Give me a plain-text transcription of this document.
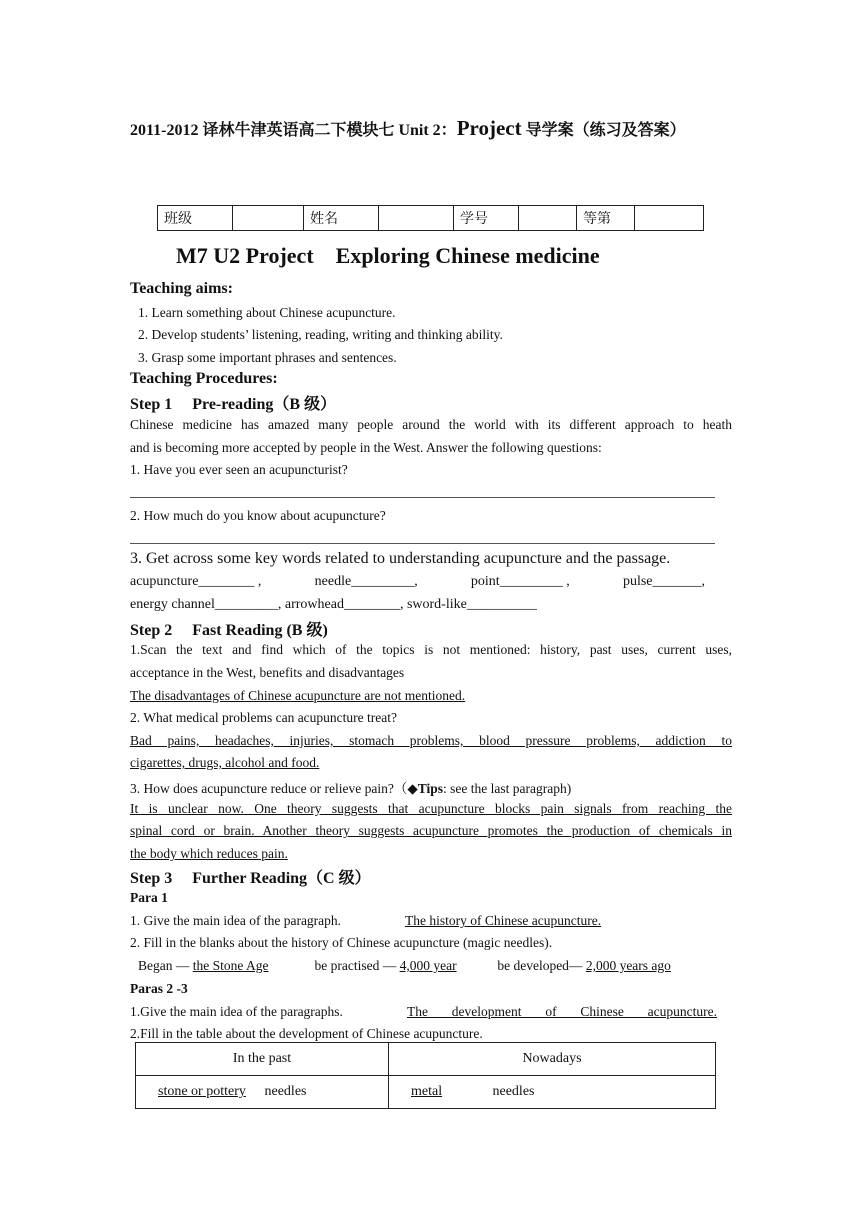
2011-2012 译林牛津英语高二下模块七 Unit 2：Project 导学案（练习及答案）
班级		姓名		学号		等第	
M7 U2 Project　Exploring Chinese medicine
Teaching aims:
1. Learn something about Chinese acupuncture.
2. Develop students’ listening, reading, writing and thinking ability.
3. Grasp some important phrases and sentences.
Teaching Procedures:
Step 1　 Pre-reading（B 级）
Chinese medicine has amazed many people around the world with its different approach to heath
and is becoming more accepted by people in the West. Answer the following questions:
1. Have you ever seen an acupuncturist?
2. How much do you know about acupuncture?
3. Get across some key words related to understanding acupuncture and the passage.
acupuncture________ ,	needle_________,	point_________ ,	pulse_______,
energy channel_________, arrowhead________, sword-like__________
Step 2　 Fast Reading (B 级)
1.Scan the text and find which of the topics is not mentioned: history, past uses, current uses,
acceptance in the West, benefits and disadvantages
The disadvantages of Chinese acupuncture are not mentioned.
2. What medical problems can acupuncture treat?
Bad pains, headaches, injuries, stomach problems, blood pressure problems, addiction to
cigarettes, drugs, alcohol and food.
3. How does acupuncture reduce or relieve pain?（◆Tips: see the last paragraph)
It is unclear now. One theory suggests that acupuncture blocks pain signals from reaching the
spinal cord or brain. Another theory suggests acupuncture promotes the production of chemicals in
the body which reduces pain.
Step 3　 Further Reading（C 级）
Para 1
1. Give the main idea of the paragraph.	The history of Chinese acupuncture.
2. Fill in the blanks about the history of Chinese acupuncture (magic needles).
Began — the Stone Age	be practised — 4,000 year	be developed— 2,000 years ago
Paras 2 -3
1.Give the main idea of the paragraphs.	The development of Chinese acupuncture.
2.Fill in the table about the development of Chinese acupuncture.
In the past	Nowadays
stone or pottery needles	metal needles
